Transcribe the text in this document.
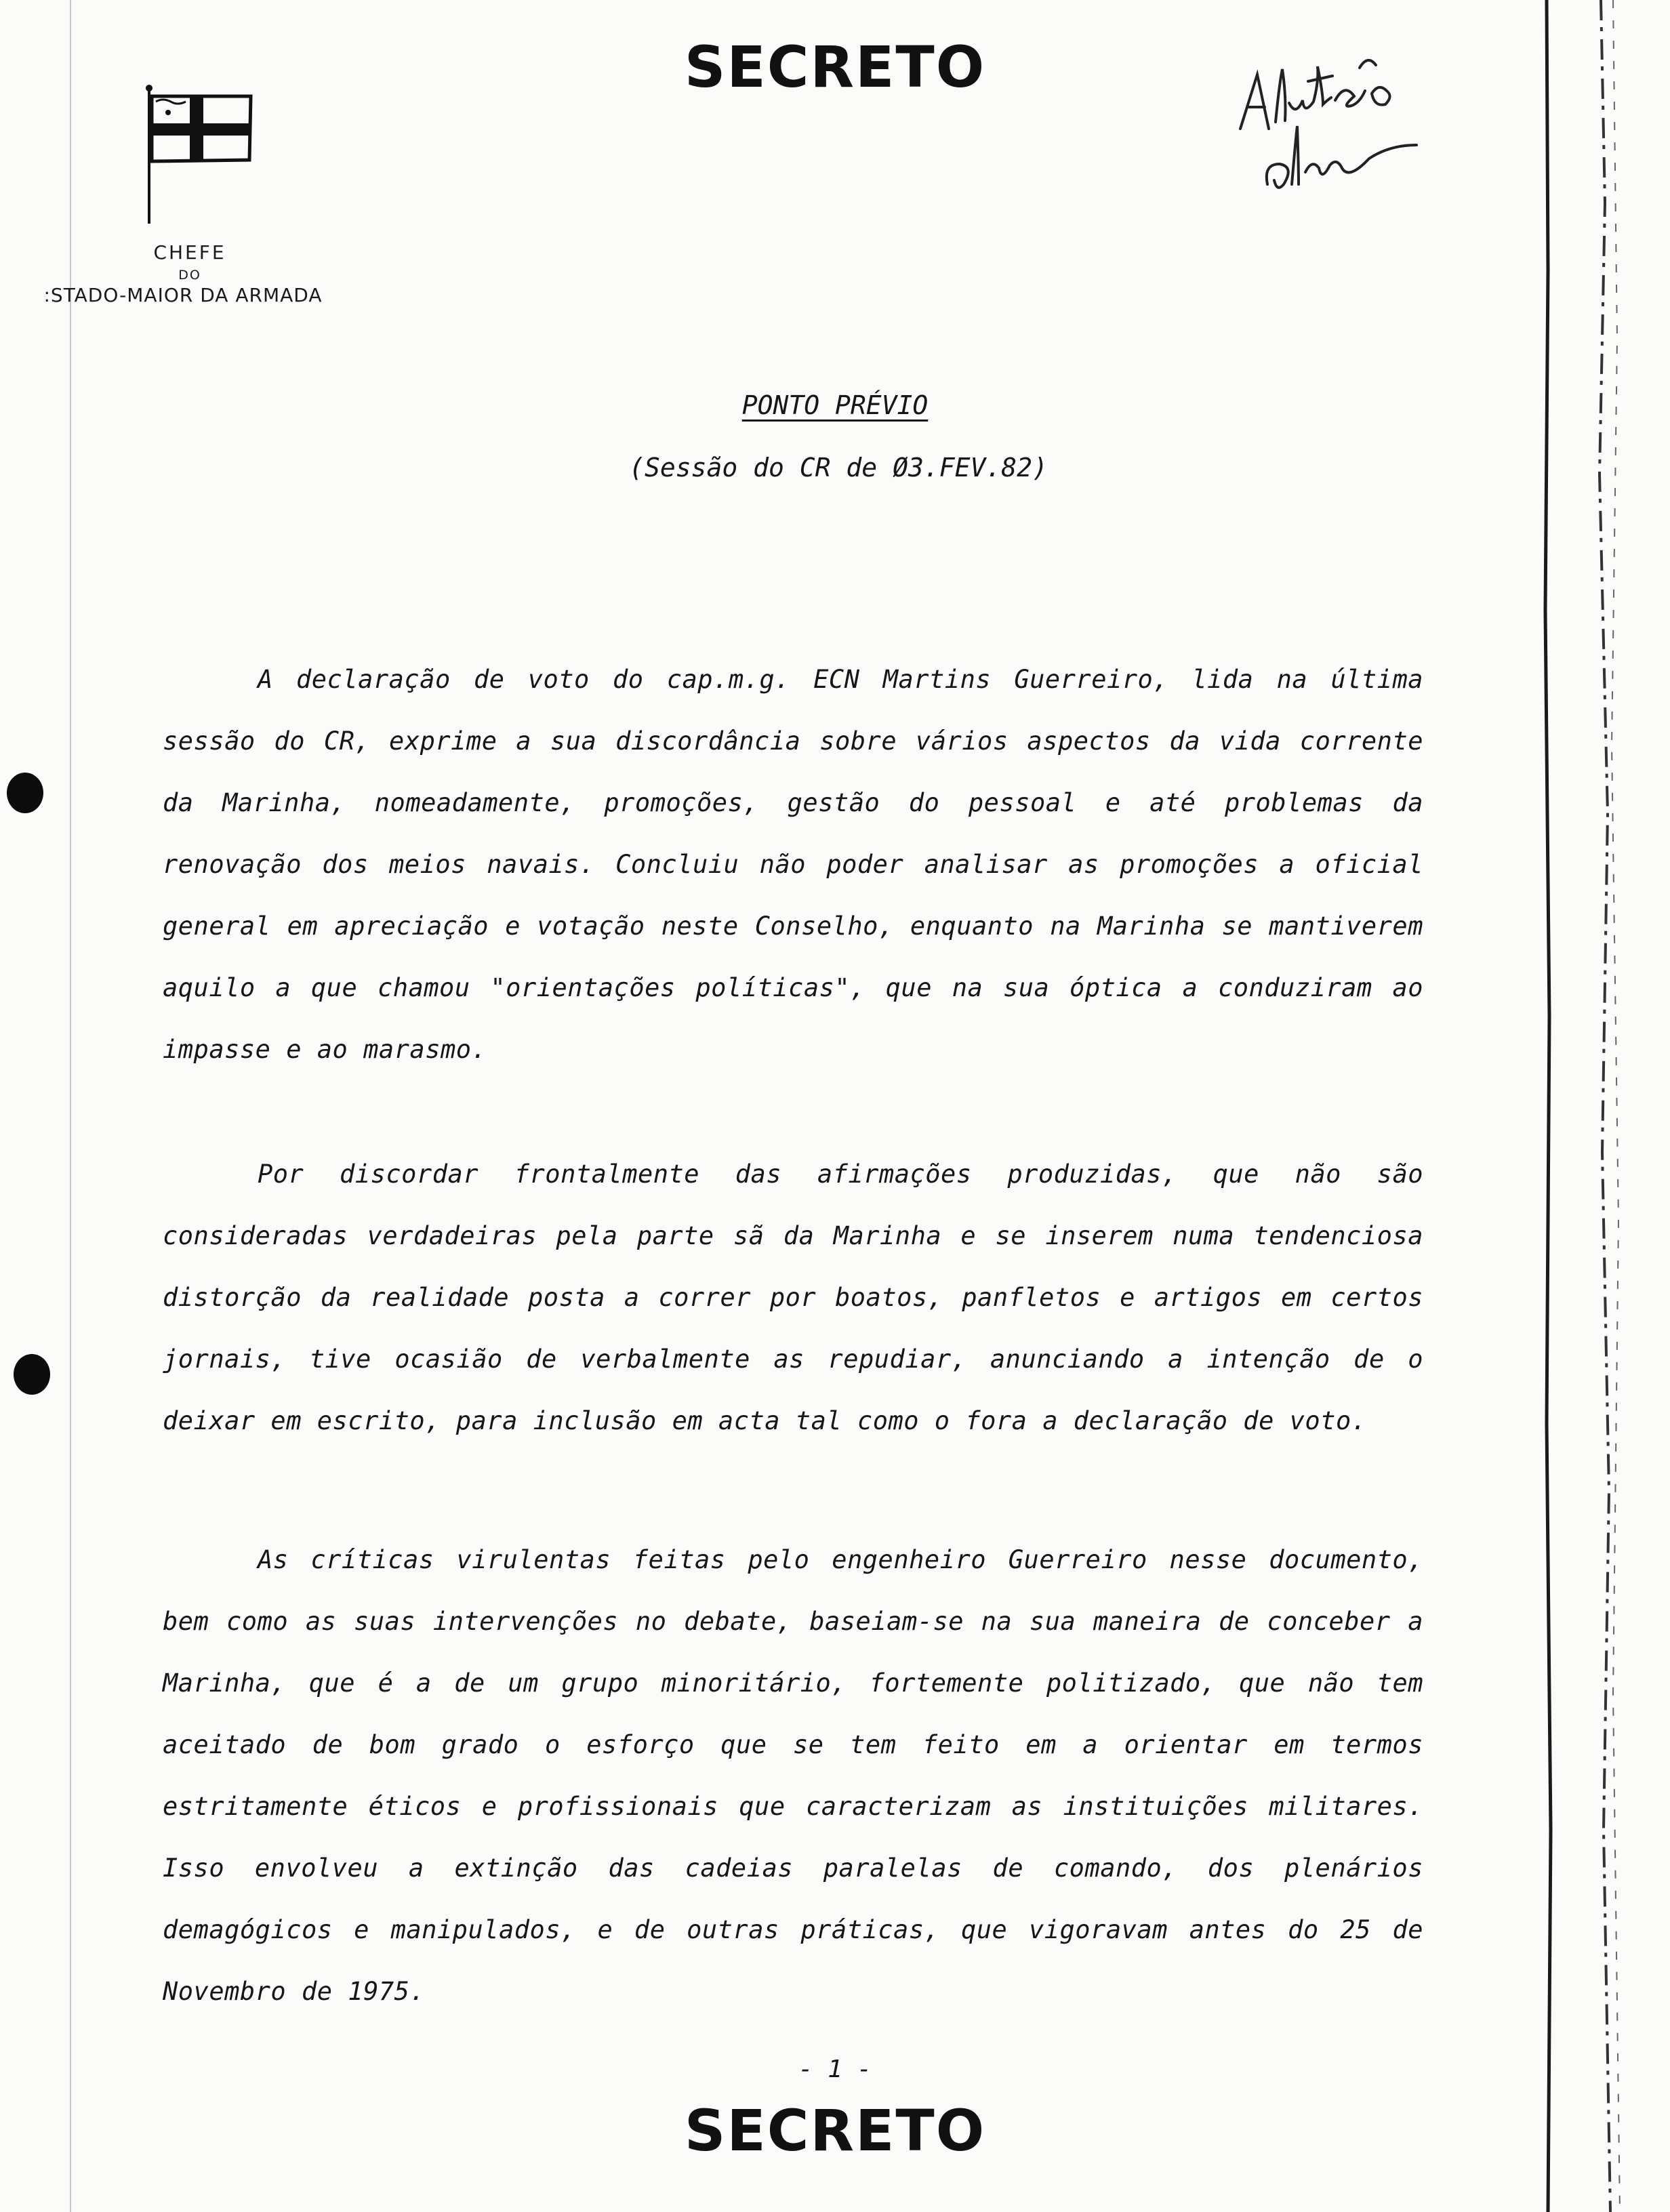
SECRETO
CHEFE
DO
:STADO-MAIOR DA ARMADA
PONTO PRÉVIO
(Sessão do CR de Ø3.FEV.82)

A declaração de voto do cap.m.g. ECN Martins Guerreiro, lida na última sessão do CR, exprime a sua discordância sobre vários aspectos da vida corrente da Marinha, nomeadamente, promoções, gestão do pessoal e até problemas da renovação dos meios navais. Concluiu não poder analisar as promoções a oficial general em apreciação e votação neste Conselho, enquanto na Marinha se mantiverem aquilo a que chamou "orientações políticas", que na sua óptica a conduziram ao impasse e ao marasmo.

Por discordar frontalmente das afirmações produzidas, que não são consideradas verdadeiras pela parte sã da Marinha e se inserem numa tendenciosa distorção da realidade posta a correr por boatos, panfletos e artigos em certos jornais, tive ocasião de verbalmente as repudiar, anunciando a intenção de o deixar em escrito, para inclusão em acta tal como o fora a declaração de voto.

As críticas virulentas feitas pelo engenheiro Guerreiro nesse documento, bem como as suas intervenções no debate, baseiam-se na sua maneira de conceber a Marinha, que é a de um grupo minoritário, fortemente politizado, que não tem aceitado de bom grado o esforço que se tem feito em a orientar em termos estritamente éticos e profissionais que caracterizam as instituições militares. Isso envolveu a extinção das cadeias paralelas de comando, dos plenários demagógicos e manipulados, e de outras práticas, que vigoravam antes do 25 de Novembro de 1975.

- 1 -
SECRETO
